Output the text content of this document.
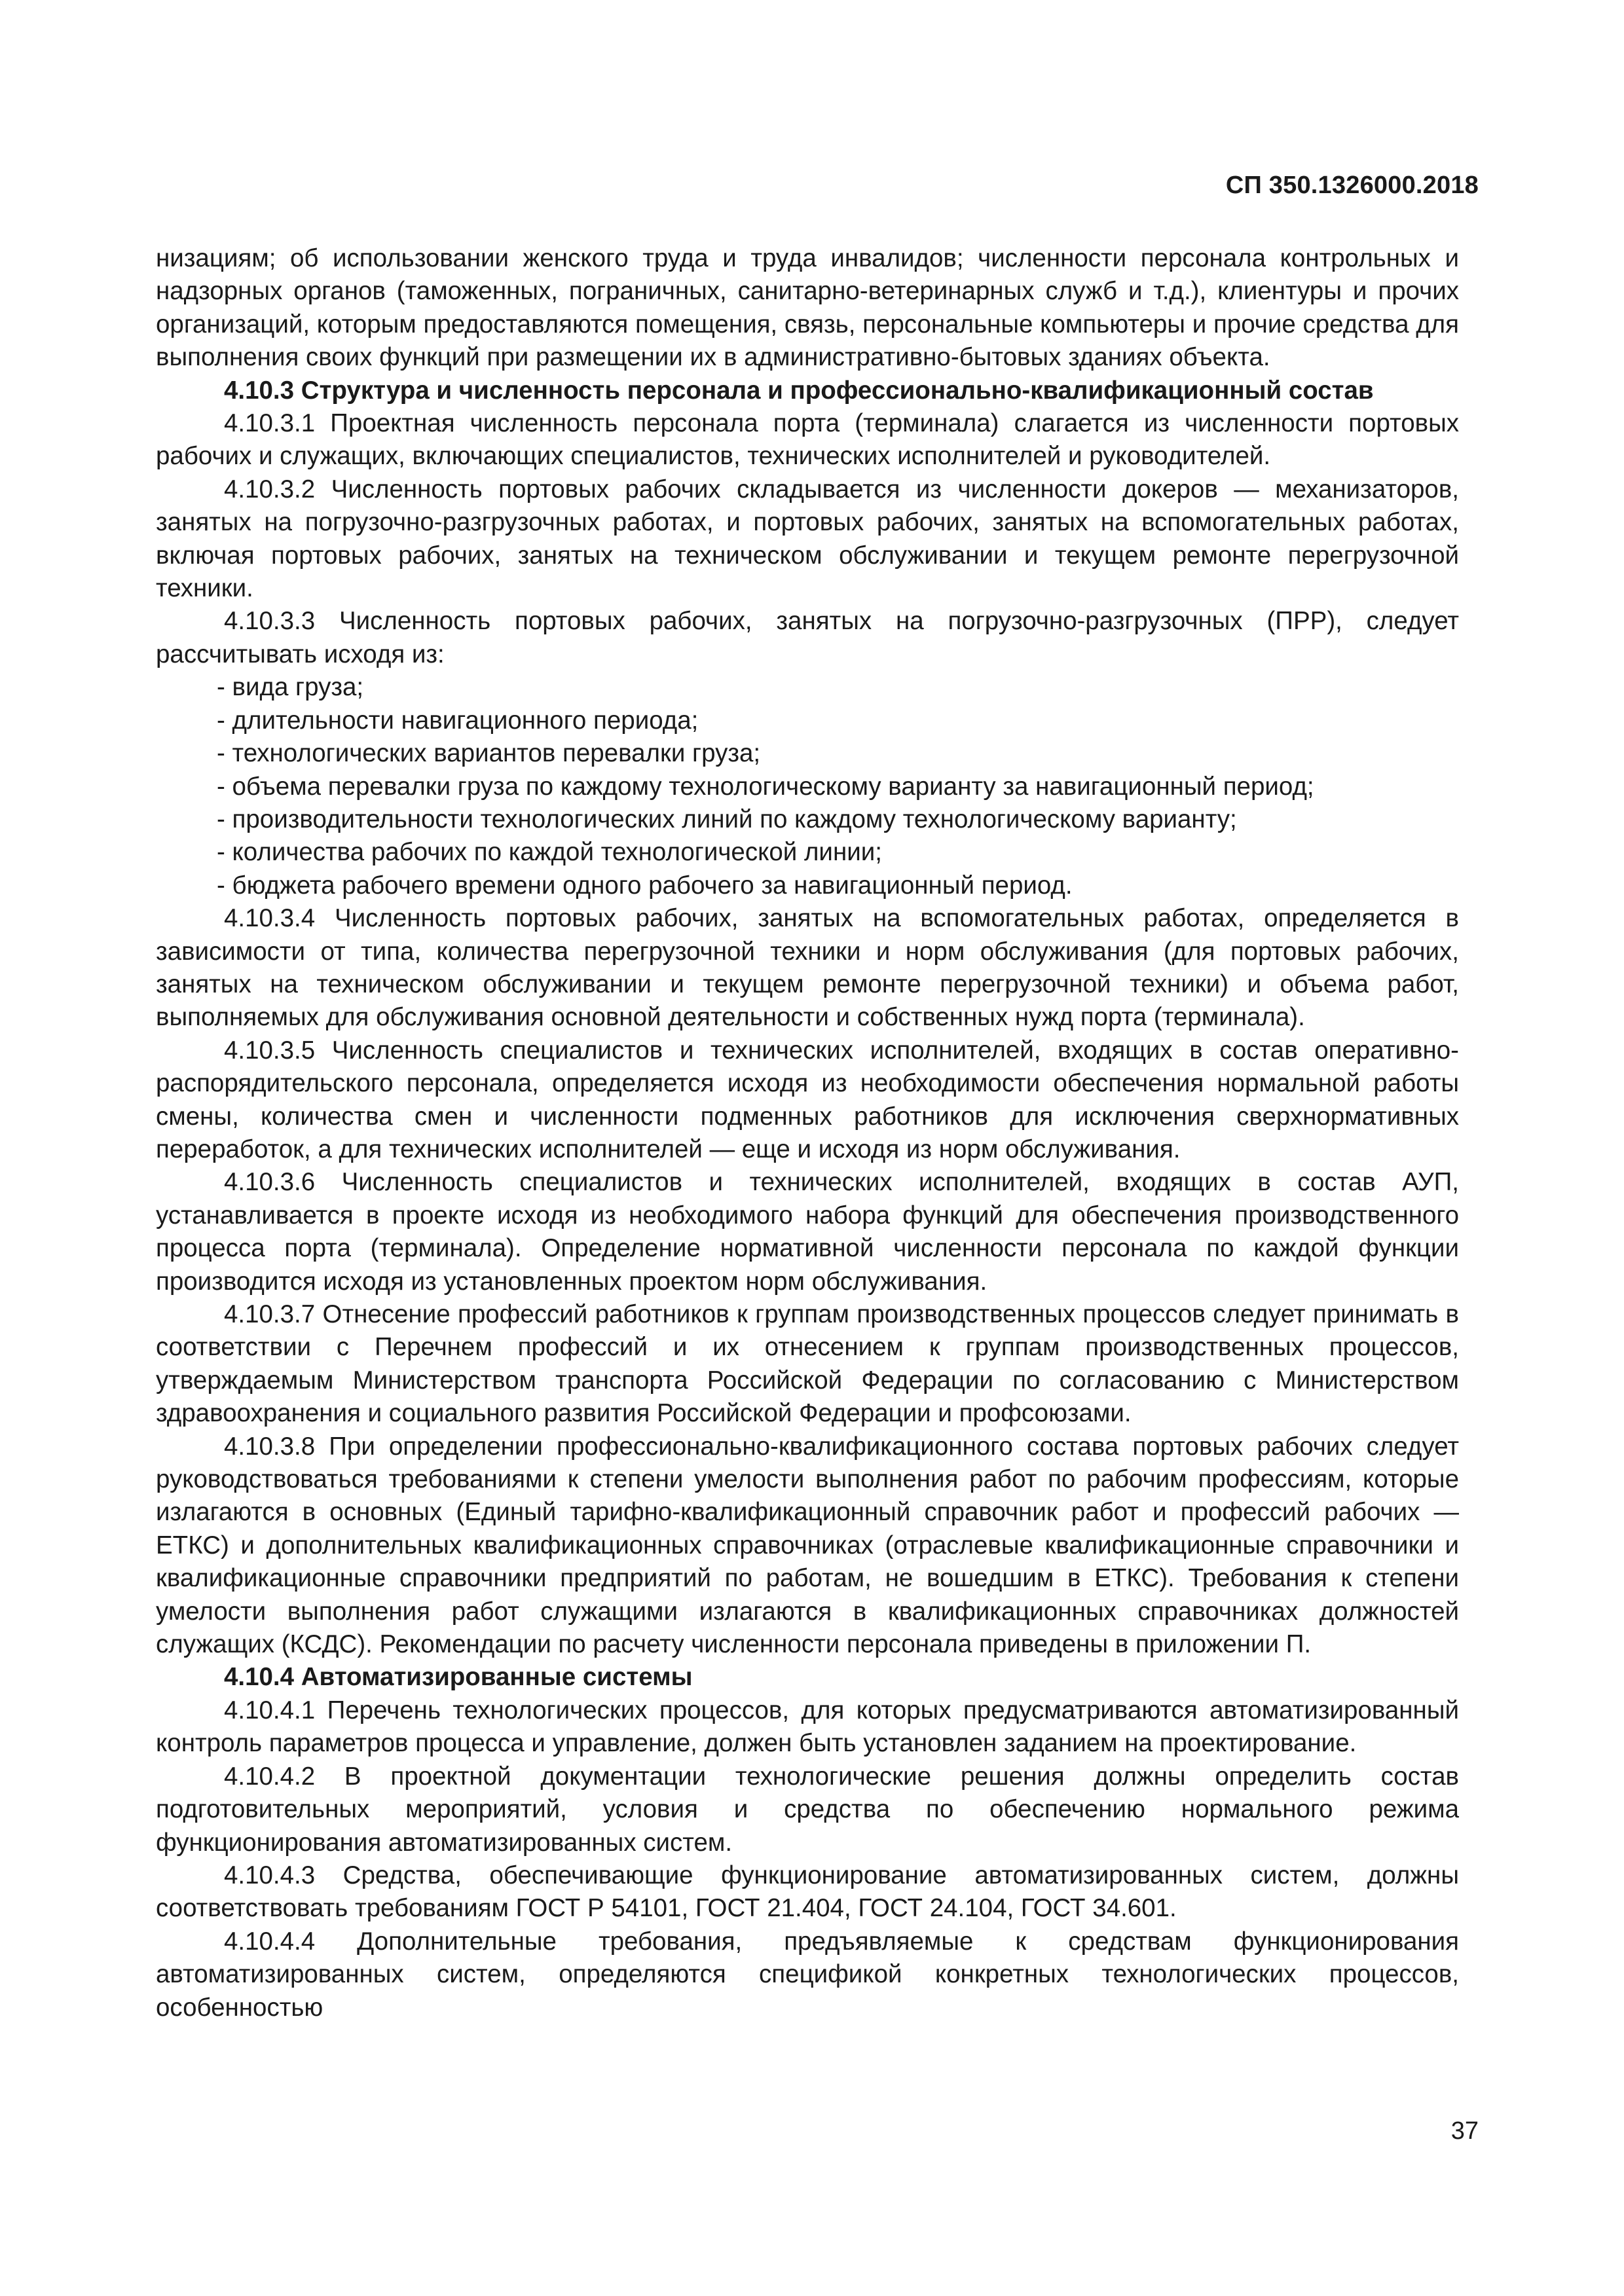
СП 350.1326000.2018

низациям; об использовании женского труда и труда инвалидов; численности персонала контрольных и надзорных органов (таможенных, пограничных, санитарно-ветеринарных служб и т.д.), клиентуры и прочих организаций, которым предоставляются помещения, связь, персональные компьютеры и прочие средства для выполнения своих функций при размещении их в административно-бытовых зданиях объекта.

4.10.3 Структура и численность персонала и профессионально-квалификационный состав

4.10.3.1 Проектная численность персонала порта (терминала) слагается из численности портовых рабочих и служащих, включающих специалистов, технических исполнителей и руководителей.

4.10.3.2 Численность портовых рабочих складывается из численности докеров — механизаторов, занятых на погрузочно-разгрузочных работах, и портовых рабочих, занятых на вспомогательных работах, включая портовых рабочих, занятых на техническом обслуживании и текущем ремонте перегрузочной техники.

4.10.3.3 Численность портовых рабочих, занятых на погрузочно-разгрузочных (ПРР), следует рассчитывать исходя из:

- вида груза;

- длительности навигационного периода;

- технологических вариантов перевалки груза;

- объема перевалки груза по каждому технологическому варианту за навигационный период;

- производительности технологических линий по каждому технологическому варианту;

- количества рабочих по каждой технологической линии;

- бюджета рабочего времени одного рабочего за навигационный период.

4.10.3.4 Численность портовых рабочих, занятых на вспомогательных работах, определяется в зависимости от типа, количества перегрузочной техники и норм обслуживания (для портовых рабочих, занятых на техническом обслуживании и текущем ремонте перегрузочной техники) и объема работ, выполняемых для обслуживания основной деятельности и собственных нужд порта (терминала).

4.10.3.5 Численность специалистов и технических исполнителей, входящих в состав оперативно-распорядительского персонала, определяется исходя из необходимости обеспечения нормальной работы смены, количества смен и численности подменных работников для исключения сверхнормативных переработок, а для технических исполнителей — еще и исходя из норм обслуживания.

4.10.3.6 Численность специалистов и технических исполнителей, входящих в состав АУП, устанавливается в проекте исходя из необходимого набора функций для обеспечения производственного процесса порта (терминала). Определение нормативной численности персонала по каждой функции производится исходя из установленных проектом норм обслуживания.

4.10.3.7 Отнесение профессий работников к группам производственных процессов следует принимать в соответствии с Перечнем профессий и их отнесением к группам производственных процессов, утверждаемым Министерством транспорта Российской Федерации по согласованию с Министерством здравоохранения и социального развития Российской Федерации и профсоюзами.

4.10.3.8 При определении профессионально-квалификационного состава портовых рабочих следует руководствоваться требованиями к степени умелости выполнения работ по рабочим профессиям, которые излагаются в основных (Единый тарифно-квалификационный справочник работ и профессий рабочих — ЕТКС) и дополнительных квалификационных справочниках (отраслевые квалификационные справочники и квалификационные справочники предприятий по работам, не вошедшим в ЕТКС). Требования к степени умелости выполнения работ служащими излагаются в квалификационных справочниках должностей служащих (КСДС). Рекомендации по расчету численности персонала приведены в приложении П.

4.10.4 Автоматизированные системы

4.10.4.1 Перечень технологических процессов, для которых предусматриваются автоматизированный контроль параметров процесса и управление, должен быть установлен заданием на проектирование.

4.10.4.2 В проектной документации технологические решения должны определить состав подготовительных мероприятий, условия и средства по обеспечению нормального режима функционирования автоматизированных систем.

4.10.4.3 Средства, обеспечивающие функционирование автоматизированных систем, должны соответствовать требованиям ГОСТ Р 54101, ГОСТ 21.404, ГОСТ 24.104, ГОСТ 34.601.

4.10.4.4 Дополнительные требования, предъявляемые к средствам функционирования автоматизированных систем, определяются спецификой конкретных технологических процессов, особенностью

37
